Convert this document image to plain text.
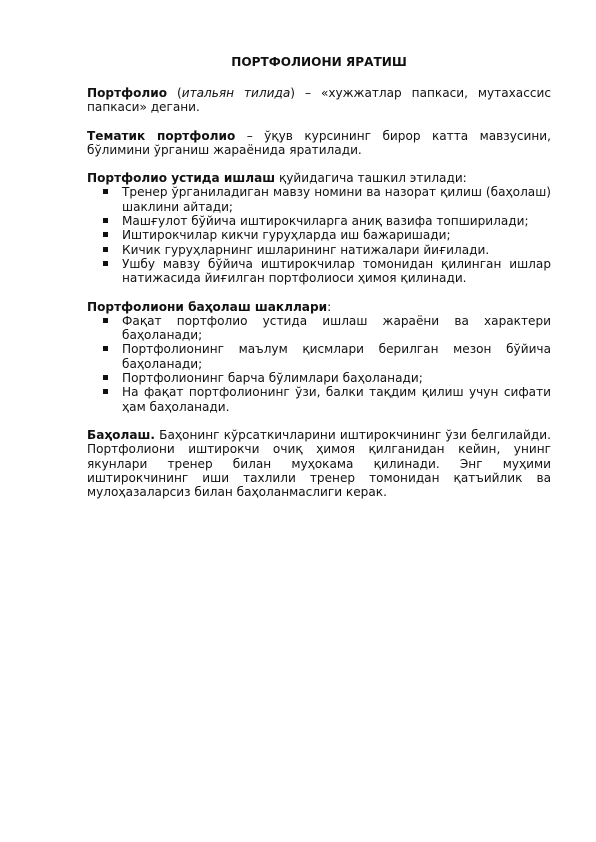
ПОРТФОЛИОНИ ЯРАТИШ

Портфолио (итальян тилида) – «хужжатлар папкаси, мутахассис папкаси» дегани.

Тематик портфолио – ўқув курсининг бирор катта мавзусини, бўлимини ўрганиш жараёнида яратилади.

Портфолио устида ишлаш қуйидагича ташкил этилади:

Тренер ўрганиладиган мавзу номини ва назорат қилиш (баҳолаш) шаклини айтади;
Машғулот бўйича иштирокчиларга аниқ вазифа топширилади;
Иштирокчилар кикчи гуруҳларда иш бажаришади;
Кичик гуруҳларнинг ишларининг натижалари йиғилади.
Ушбу мавзу бўйича иштирокчилар томонидан қилинган ишлар натижасида йиғилган портфолиоси ҳимоя қилинади.

Портфолиони баҳолаш шакллари:

Фақат портфолио устида ишлаш жараёни ва характери баҳоланади;
Портфолионинг маълум қисмлари берилган мезон бўйича баҳоланади;
Портфолионинг барча бўлимлари баҳоланади;
На фақат портфолионинг ўзи, балки тақдим қилиш учун сифати ҳам баҳоланади.

Баҳолаш. Баҳонинг кўрсаткичларини иштирокчининг ўзи белгилайди. Портфолиони иштирокчи очиқ ҳимоя қилганидан кейин, унинг якунлари тренер билан муҳокама қилинади. Энг муҳими иштирокчининг иши тахлили тренер томонидан қатъийлик ва мулоҳазаларсиз билан баҳоланмаслиги керак.
